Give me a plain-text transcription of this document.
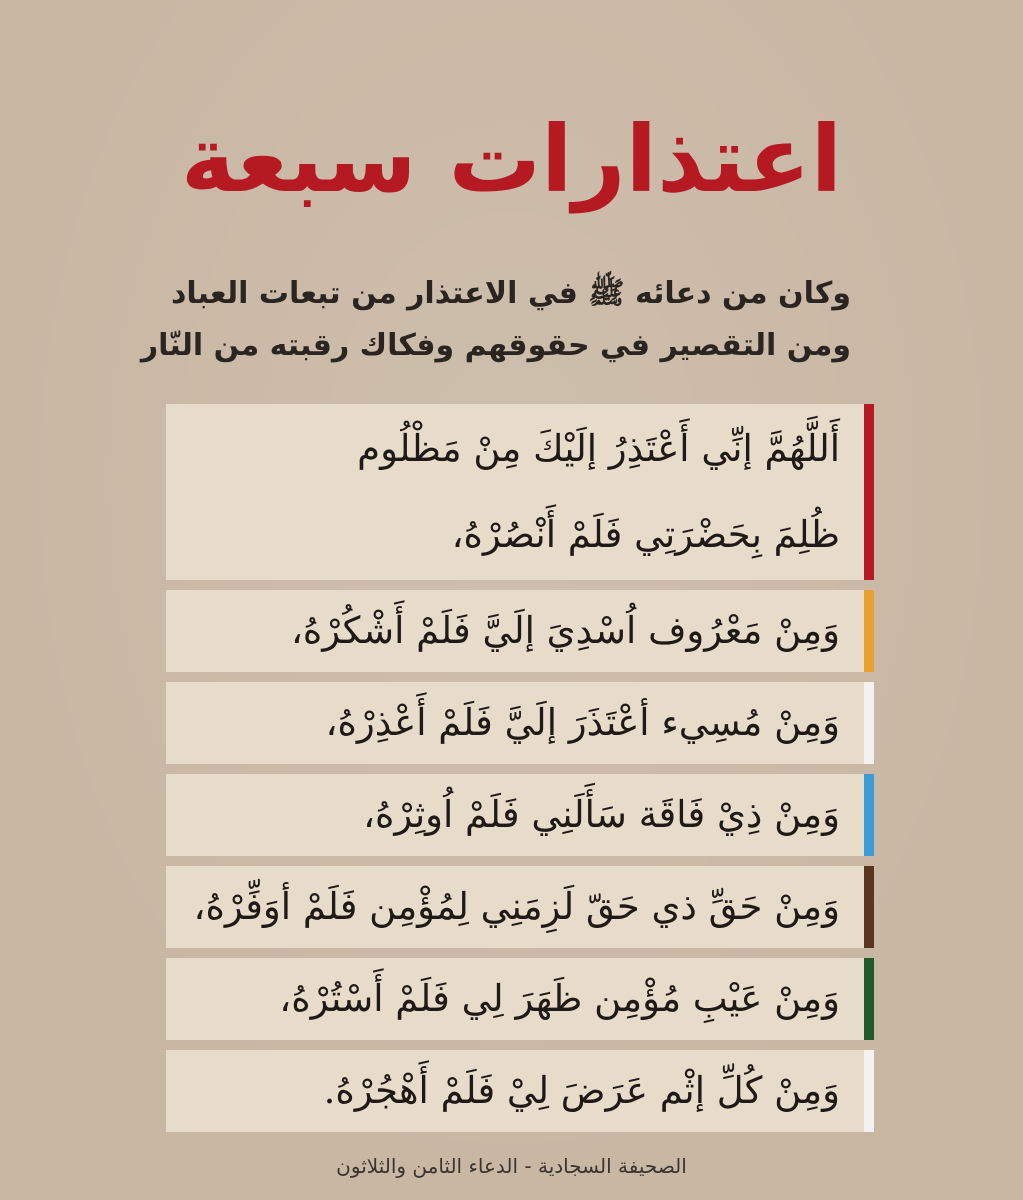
اعتذارات سبعة
وكان من دعائه ﷺ في الاعتذار من تبعات العباد
ومن التقصير في حقوقهم وفكاك رقبته من النّار
أَللَّهُمَّ إنِّي أَعْتَذِرُ إلَيْكَ مِنْ مَظْلُوم
ظُلِمَ بِحَضْرَتِي فَلَمْ أَنْصُرْهُ،
وَمِنْ مَعْرُوف اُسْدِيَ إلَيَّ فَلَمْ أَشْكُرْهُ،
وَمِنْ مُسِيء أعْتَذَرَ إلَيَّ فَلَمْ أَعْذِرْهُ،
وَمِنْ ذِيْ فَاقَة سَأَلَنِي فَلَمْ اُوثِرْهُ،
وَمِنْ حَقِّ ذي حَقّ لَزِمَنِي لِمُؤْمِن فَلَمْ أوَفِّرْهُ،
وَمِنْ عَيْبِ مُؤْمِن ظَهَرَ لِي فَلَمْ أَسْتُرْهُ،
وَمِنْ كُلِّ إثْم عَرَضَ لِيْ فَلَمْ أَهْجُرْهُ.
الصحيفة السجادية - الدعاء الثامن والثلاثون
